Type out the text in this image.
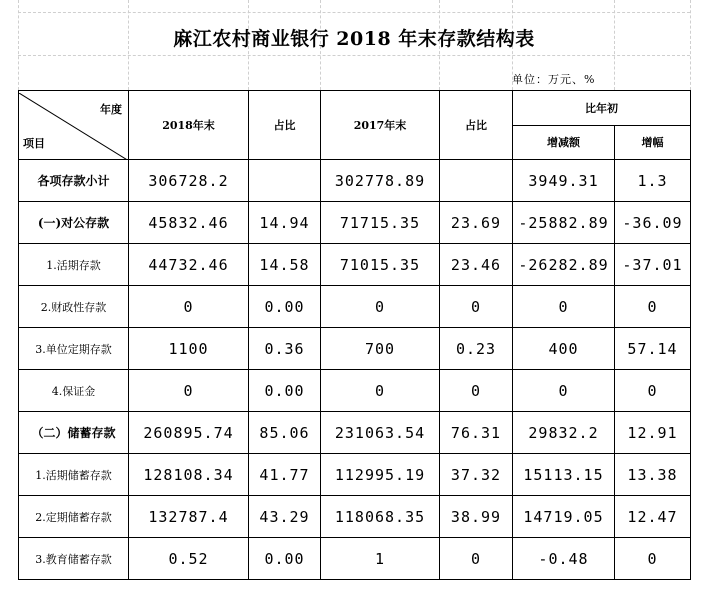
麻江农村商业银行 2018 年末存款结构表
单位：万元、%
年度
项目	2018年末	占比	2017年末	占比	比年初	
					增减额	增幅
各项存款小计	306728.2		302778.89		3949.31	1.3
(一)对公存款	45832.46	14.94	71715.35	23.69	-25882.89	-36.09
1.活期存款	44732.46	14.58	71015.35	23.46	-26282.89	-37.01
2.财政性存款	0	0.00	0	0	0	0
3.单位定期存款	1100	0.36	700	0.23	400	57.14
4.保证金	0	0.00	0	0	0	0
（二）储蓄存款	260895.74	85.06	231063.54	76.31	29832.2	12.91
1.活期储蓄存款	128108.34	41.77	112995.19	37.32	15113.15	13.38
2.定期储蓄存款	132787.4	43.29	118068.35	38.99	14719.05	12.47
3.教育储蓄存款	0.52	0.00	1	0	-0.48	0
